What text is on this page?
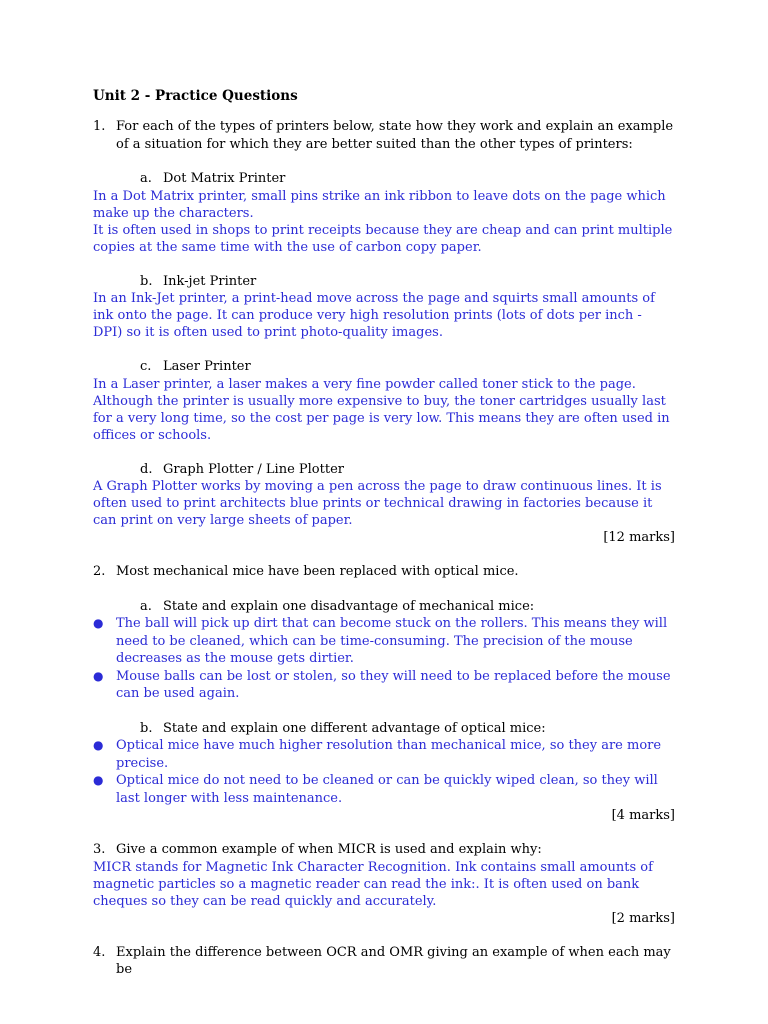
Unit 2 - Practice Questions
1. For each of the types of printers below, state how they work and explain an example of a situation for which they are better suited than the other types of printers:
a. Dot Matrix Printer
In a Dot Matrix printer, small pins strike an ink ribbon to leave dots on the page which make up the characters.
It is often used in shops to print receipts because they are cheap and can print multiple copies at the same time with the use of carbon copy paper.
b. Ink-jet Printer
In an Ink-Jet printer, a print-head move across the page and squirts small amounts of ink onto the page. It can produce very high resolution prints (lots of dots per inch - DPI) so it is often used to print photo-quality images.
c. Laser Printer
In a Laser printer, a laser makes a very fine powder called toner stick to the page. Although the printer is usually more expensive to buy, the toner cartridges usually last for a very long time, so the cost per page is very low. This means they are often used in offices or schools.
d. Graph Plotter / Line Plotter
A Graph Plotter works by moving a pen across the page to draw continuous lines. It is often used to print architects blue prints or technical drawing in factories because it can print on very large sheets of paper.
[12 marks]
2. Most mechanical mice have been replaced with optical mice.
a. State and explain one disadvantage of mechanical mice:
● The ball will pick up dirt that can become stuck on the rollers. This means they will need to be cleaned, which can be time-consuming. The precision of the mouse decreases as the mouse gets dirtier.
● Mouse balls can be lost or stolen, so they will need to be replaced before the mouse can be used again.
b. State and explain one different advantage of optical mice:
● Optical mice have much higher resolution than mechanical mice, so they are more precise.
● Optical mice do not need to be cleaned or can be quickly wiped clean, so they will last longer with less maintenance.
[4 marks]
3. Give a common example of when MICR is used and explain why:
MICR stands for Magnetic Ink Character Recognition. Ink contains small amounts of magnetic particles so a magnetic reader can read the ink:. It is often used on bank cheques so they can be read quickly and accurately.
[2 marks]
4. Explain the difference between OCR and OMR giving an example of when each may be
